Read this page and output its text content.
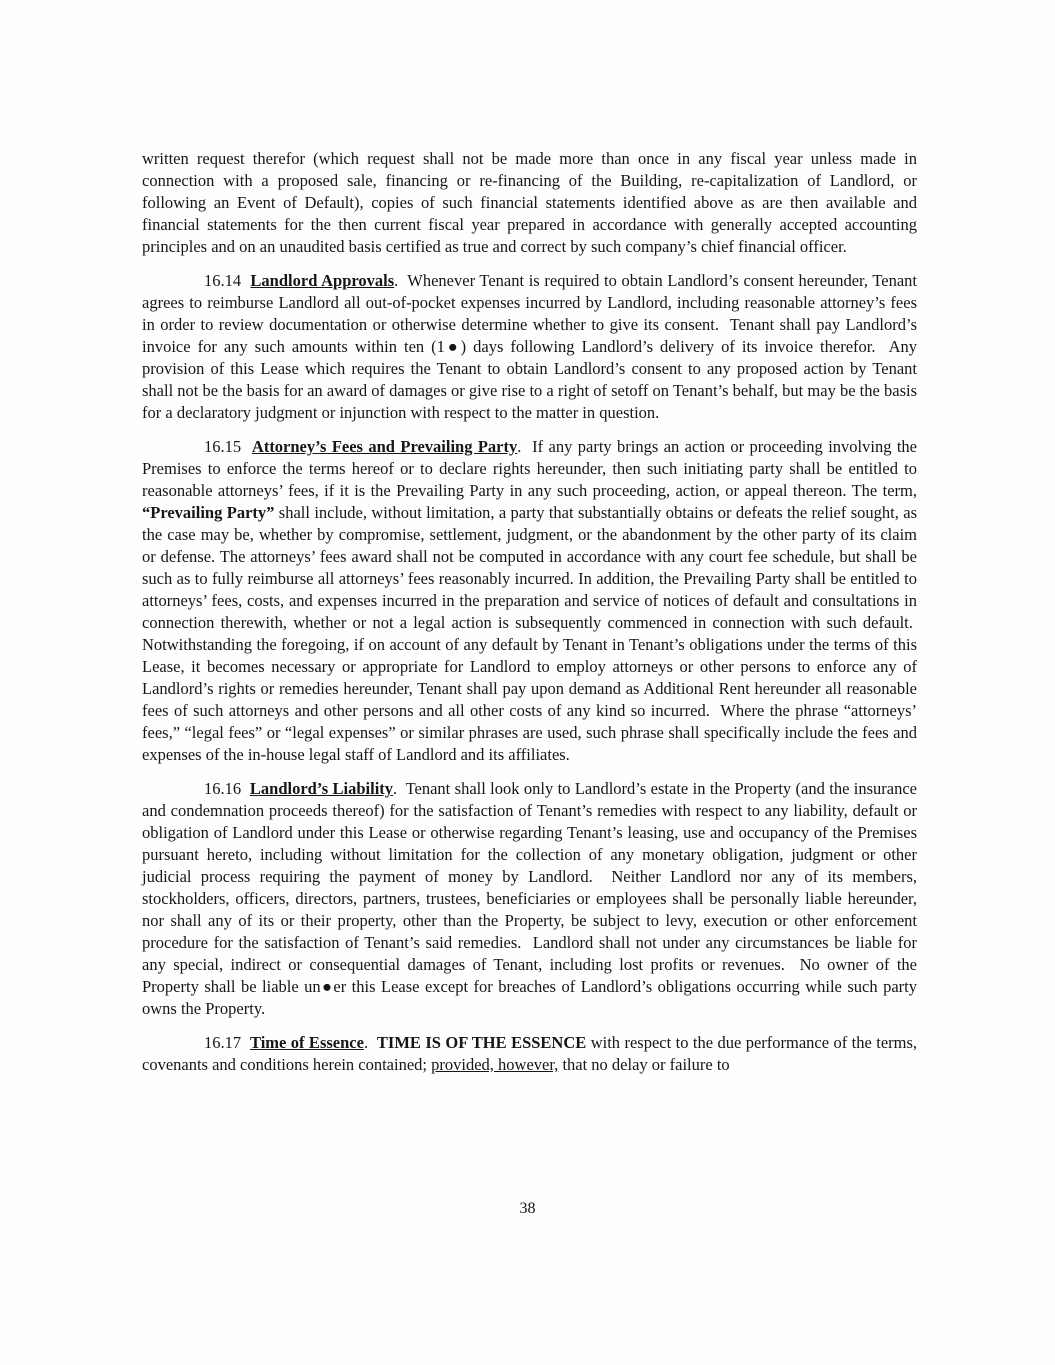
written request therefor (which request shall not be made more than once in any fiscal year unless made in connection with a proposed sale, financing or re-financing of the Building, re-capitalization of Landlord, or following an Event of Default), copies of such financial statements identified above as are then available and financial statements for the then current fiscal year prepared in accordance with generally accepted accounting principles and on an unaudited basis certified as true and correct by such company’s chief financial officer.

16.14  Landlord Approvals.  Whenever Tenant is required to obtain Landlord’s consent hereunder, Tenant agrees to reimburse Landlord all out-of-pocket expenses incurred by Landlord, including reasonable attorney’s fees in order to review documentation or otherwise determine whether to give its consent.  Tenant shall pay Landlord’s invoice for any such amounts within ten (1●) days following Landlord’s delivery of its invoice therefor.  Any provision of this Lease which requires the Tenant to obtain Landlord’s consent to any proposed action by Tenant shall not be the basis for an award of damages or give rise to a right of setoff on Tenant’s behalf, but may be the basis for a declaratory judgment or injunction with respect to the matter in question.

16.15  Attorney’s Fees and Prevailing Party.  If any party brings an action or proceeding involving the Premises to enforce the terms hereof or to declare rights hereunder, then such initiating party shall be entitled to reasonable attorneys’ fees, if it is the Prevailing Party in any such proceeding, action, or appeal thereon. The term, “Prevailing Party” shall include, without limitation, a party that substantially obtains or defeats the relief sought, as the case may be, whether by compromise, settlement, judgment, or the abandonment by the other party of its claim or defense. The attorneys’ fees award shall not be computed in accordance with any court fee schedule, but shall be such as to fully reimburse all attorneys’ fees reasonably incurred. In addition, the Prevailing Party shall be entitled to attorneys’ fees, costs, and expenses incurred in the preparation and service of notices of default and consultations in connection therewith, whether or not a legal action is subsequently commenced in connection with such default.  Notwithstanding the foregoing, if on account of any default by Tenant in Tenant’s obligations under the terms of this Lease, it becomes necessary or appropriate for Landlord to employ attorneys or other persons to enforce any of Landlord’s rights or remedies hereunder, Tenant shall pay upon demand as Additional Rent hereunder all reasonable fees of such attorneys and other persons and all other costs of any kind so incurred.  Where the phrase “attorneys’ fees,” “legal fees” or “legal expenses” or similar phrases are used, such phrase shall specifically include the fees and expenses of the in-house legal staff of Landlord and its affiliates.

16.16  Landlord’s Liability.  Tenant shall look only to Landlord’s estate in the Property (and the insurance and condemnation proceeds thereof) for the satisfaction of Tenant’s remedies with respect to any liability, default or obligation of Landlord under this Lease or otherwise regarding Tenant’s leasing, use and occupancy of the Premises pursuant hereto, including without limitation for the collection of any monetary obligation, judgment or other judicial process requiring the payment of money by Landlord.  Neither Landlord nor any of its members, stockholders, officers, directors, partners, trustees, beneficiaries or employees shall be personally liable hereunder, nor shall any of its or their property, other than the Property, be subject to levy, execution or other enforcement procedure for the satisfaction of Tenant’s said remedies.  Landlord shall not under any circumstances be liable for any special, indirect or consequential damages of Tenant, including lost profits or revenues.  No owner of the Property shall be liable un●er this Lease except for breaches of Landlord’s obligations occurring while such party owns the Property.

16.17  Time of Essence.  TIME IS OF THE ESSENCE with respect to the due performance of the terms, covenants and conditions herein contained; provided, however, that no delay or failure to

38
